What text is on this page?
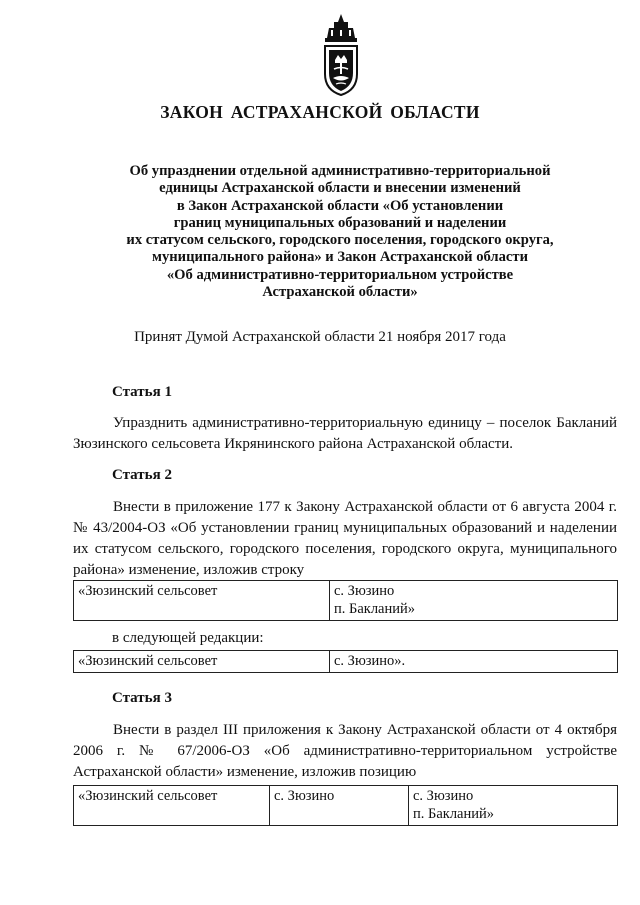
ЗАКОН АСТРАХАНСКОЙ ОБЛАСТИ
Об упразднении отдельной административно-территориальной
единицы Астраханской области и внесении изменений
в Закон Астраханской области «Об установлении
границ муниципальных образований и наделении
их статусом сельского, городского поселения, городского округа,
муниципального района» и Закон Астраханской области
«Об административно-территориальном устройстве
Астраханской области»
Принят Думой Астраханской области 21 ноября 2017 года
Статья 1
Упразднить административно-территориальную единицу – поселок Бакланий Зюзинского сельсовета Икрянинского района Астраханской области.
Статья 2
Внести в приложение 177 к Закону Астраханской области от 6 августа 2004 г. № 43/2004-ОЗ «Об установлении границ муниципальных образований и наделении их статусом сельского, городского поселения, городского округа, муниципального района» изменение, изложив строку
«Зюзинский сельсовет	с. Зюзино
п. Бакланий»
в следующей редакции:
«Зюзинский сельсовет	с. Зюзино».
Статья 3
Внести в раздел III приложения к Закону Астраханской области от 4 октября 2006 г. № 67/2006-ОЗ «Об административно-территориальном устройстве Астраханской области» изменение, изложив позицию
«Зюзинский сельсовет	с. Зюзино	с. Зюзино
п. Бакланий»
